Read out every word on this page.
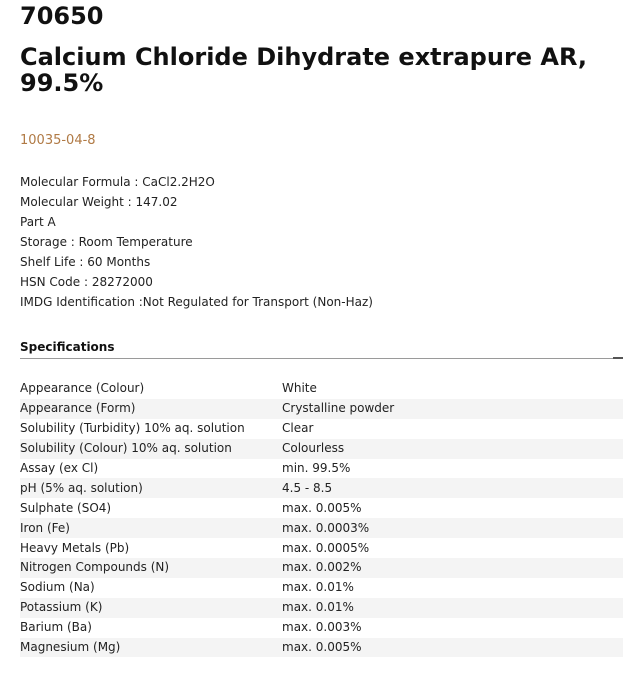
70650
Calcium Chloride Dihydrate extrapure AR, 99.5%
10035-04-8
Molecular Formula : CaCl2.2H2O
Molecular Weight : 147.02
Part A
Storage : Room Temperature
Shelf Life : 60 Months
HSN Code : 28272000
IMDG Identification :Not Regulated for Transport (Non-Haz)
Specifications
Appearance (Colour)	White
Appearance (Form)	Crystalline powder
Solubility (Turbidity) 10% aq. solution	Clear
Solubility (Colour) 10% aq. solution	Colourless
Assay (ex Cl)	min. 99.5%
pH (5% aq. solution)	4.5 - 8.5
Sulphate (SO4)	max. 0.005%
Iron (Fe)	max. 0.0003%
Heavy Metals (Pb)	max. 0.0005%
Nitrogen Compounds (N)	max. 0.002%
Sodium (Na)	max. 0.01%
Potassium (K)	max. 0.01%
Barium (Ba)	max. 0.003%
Magnesium (Mg)	max. 0.005%
